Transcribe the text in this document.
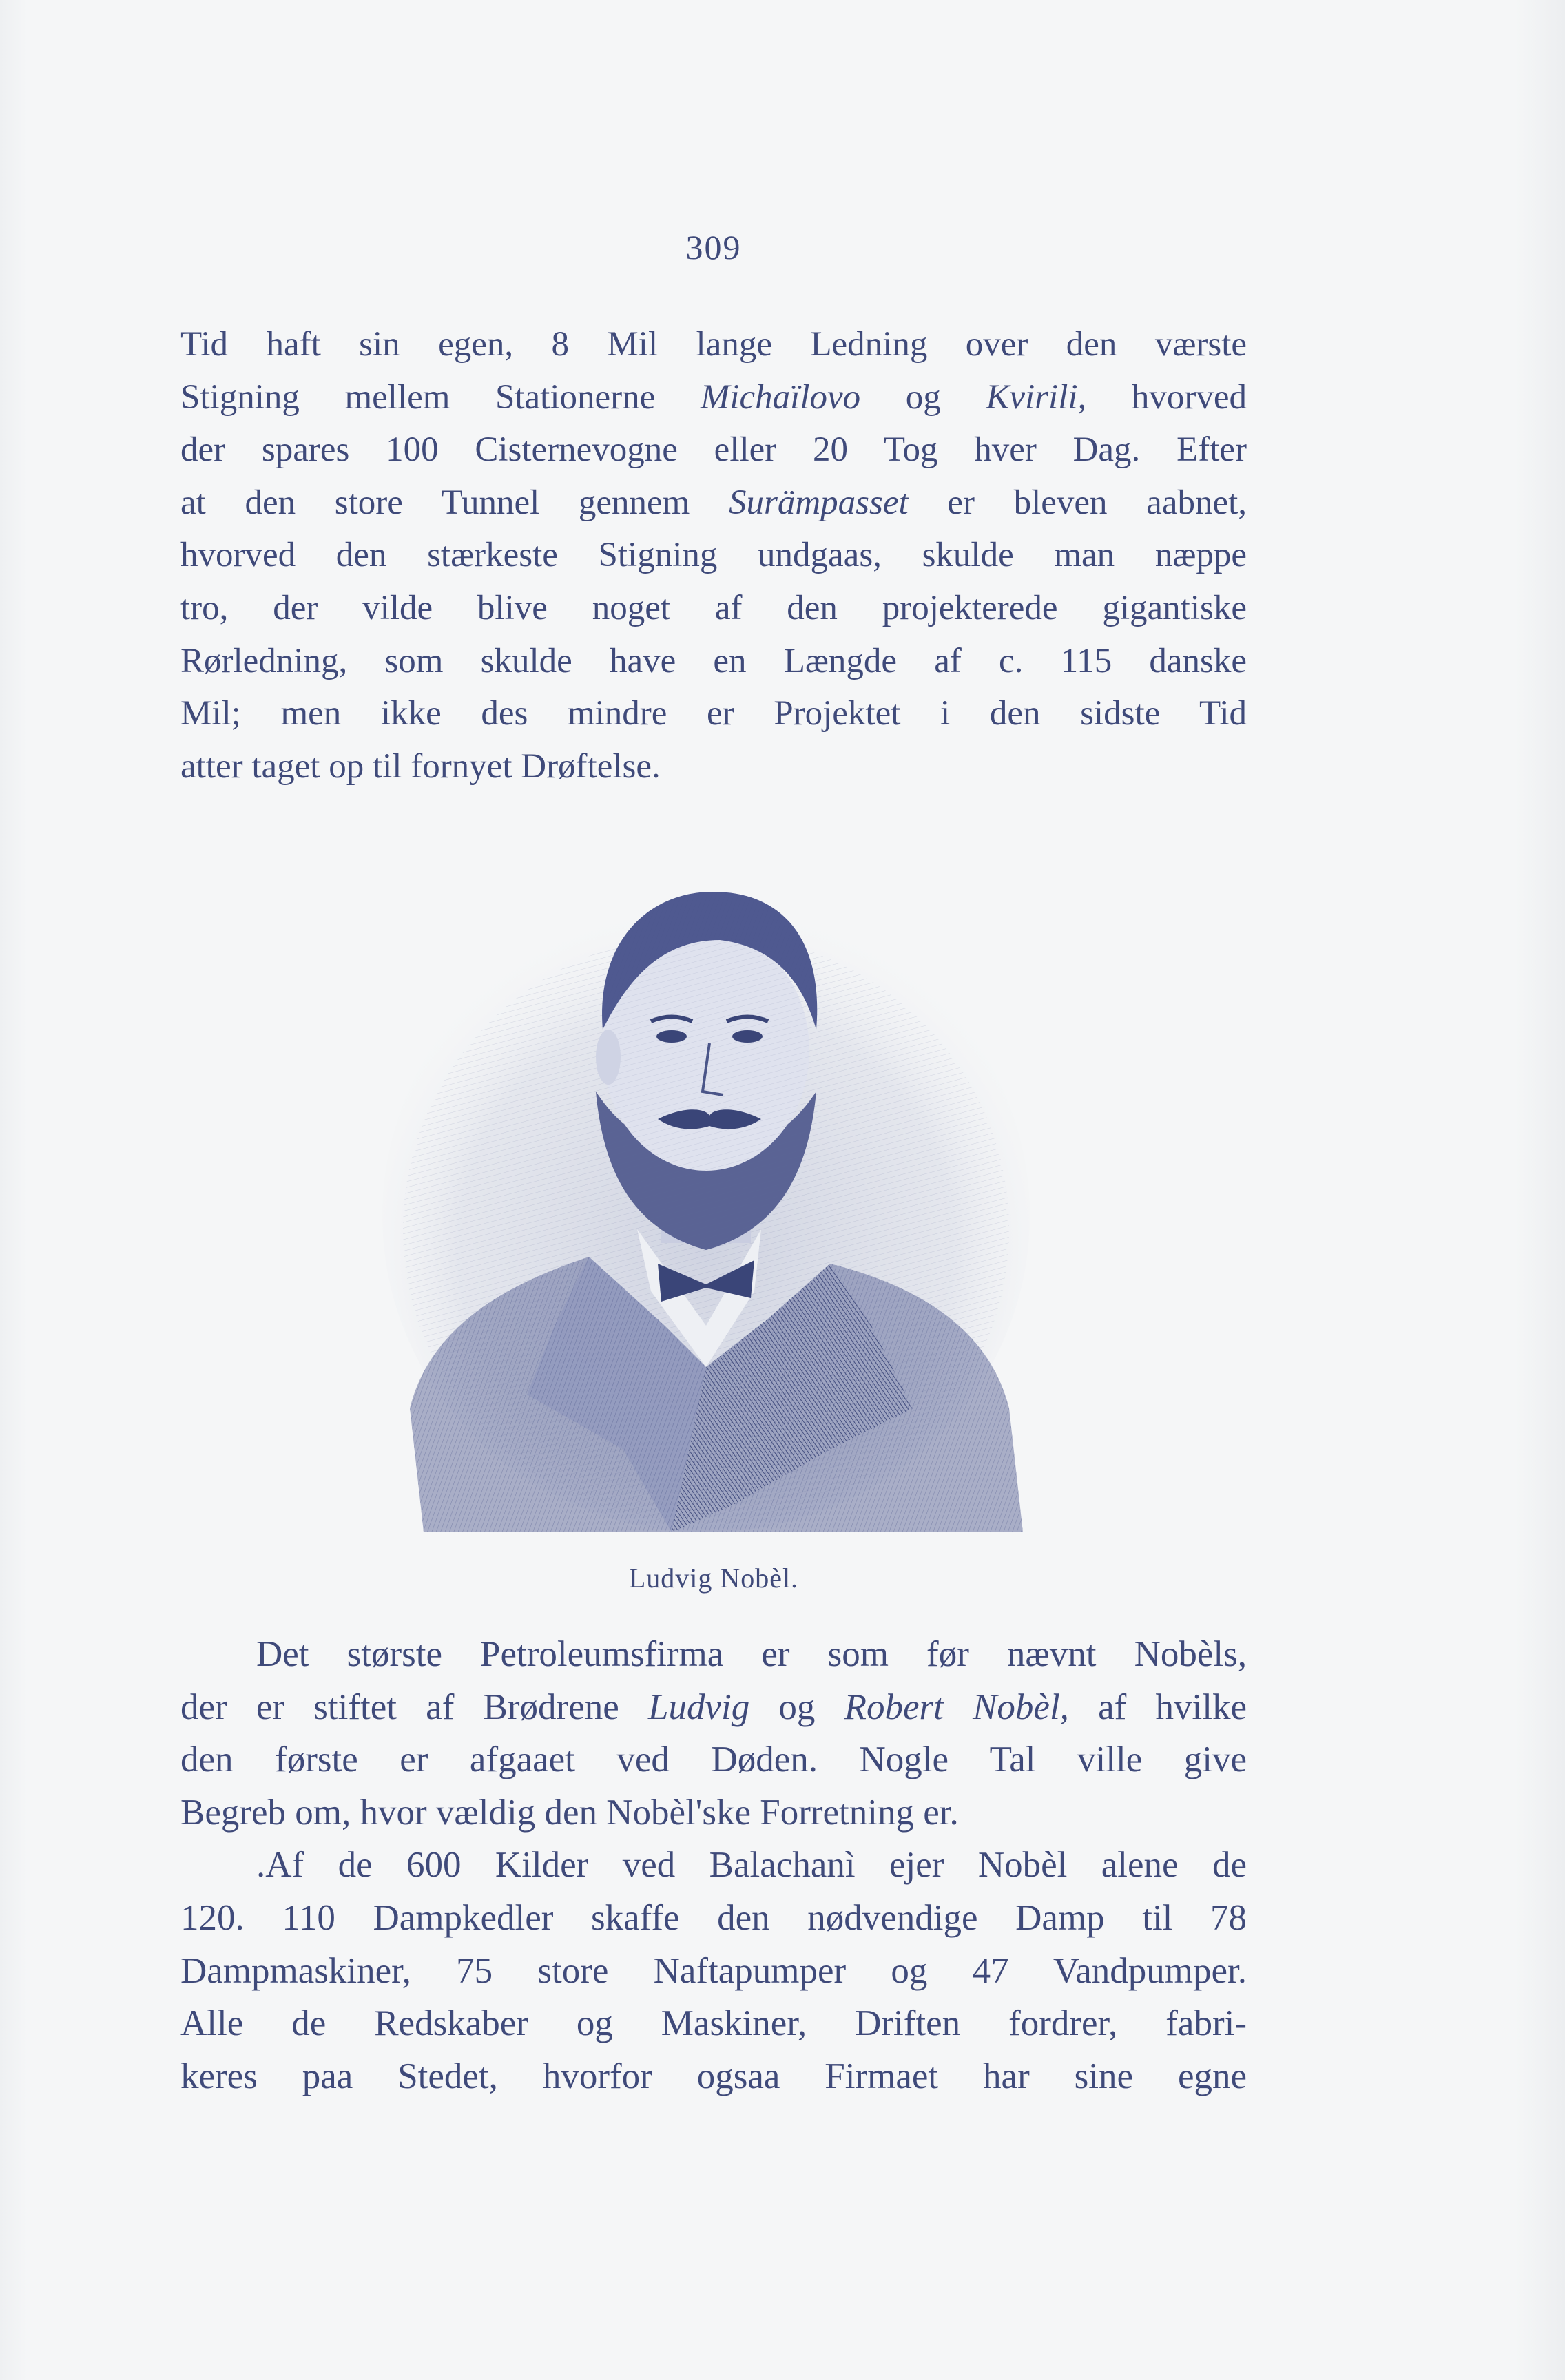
309
Tid haft sin egen, 8 Mil lange Ledning over den værste
Stigning mellem Stationerne Michaïlovo og Kvirili, hvorved
der spares 100 Cisternevogne eller 20 Tog hver Dag. Efter
at den store Tunnel gennem Surämpasset er bleven aabnet,
hvorved den stærkeste Stigning undgaas, skulde man næppe
tro, der vilde blive noget af den projekterede gigantiske
Rørledning, som skulde have en Længde af c. 115 danske
Mil; men ikke des mindre er Projektet i den sidste Tid
atter taget op til fornyet Drøftelse.
Ludvig Nobèl.
Det største Petroleumsfirma er som før nævnt Nobèls,
der er stiftet af Brødrene Ludvig og Robert Nobèl, af hvilke
den første er afgaaet ved Døden. Nogle Tal ville give
Begreb om, hvor vældig den Nobèl'ske Forretning er.
.Af de 600 Kilder ved Balachanì ejer Nobèl alene de
120. 110 Dampkedler skaffe den nødvendige Damp til 78
Dampmaskiner, 75 store Naftapumper og 47 Vandpumper.
Alle de Redskaber og Maskiner, Driften fordrer, fabri-
keres paa Stedet, hvorfor ogsaa Firmaet har sine egne
